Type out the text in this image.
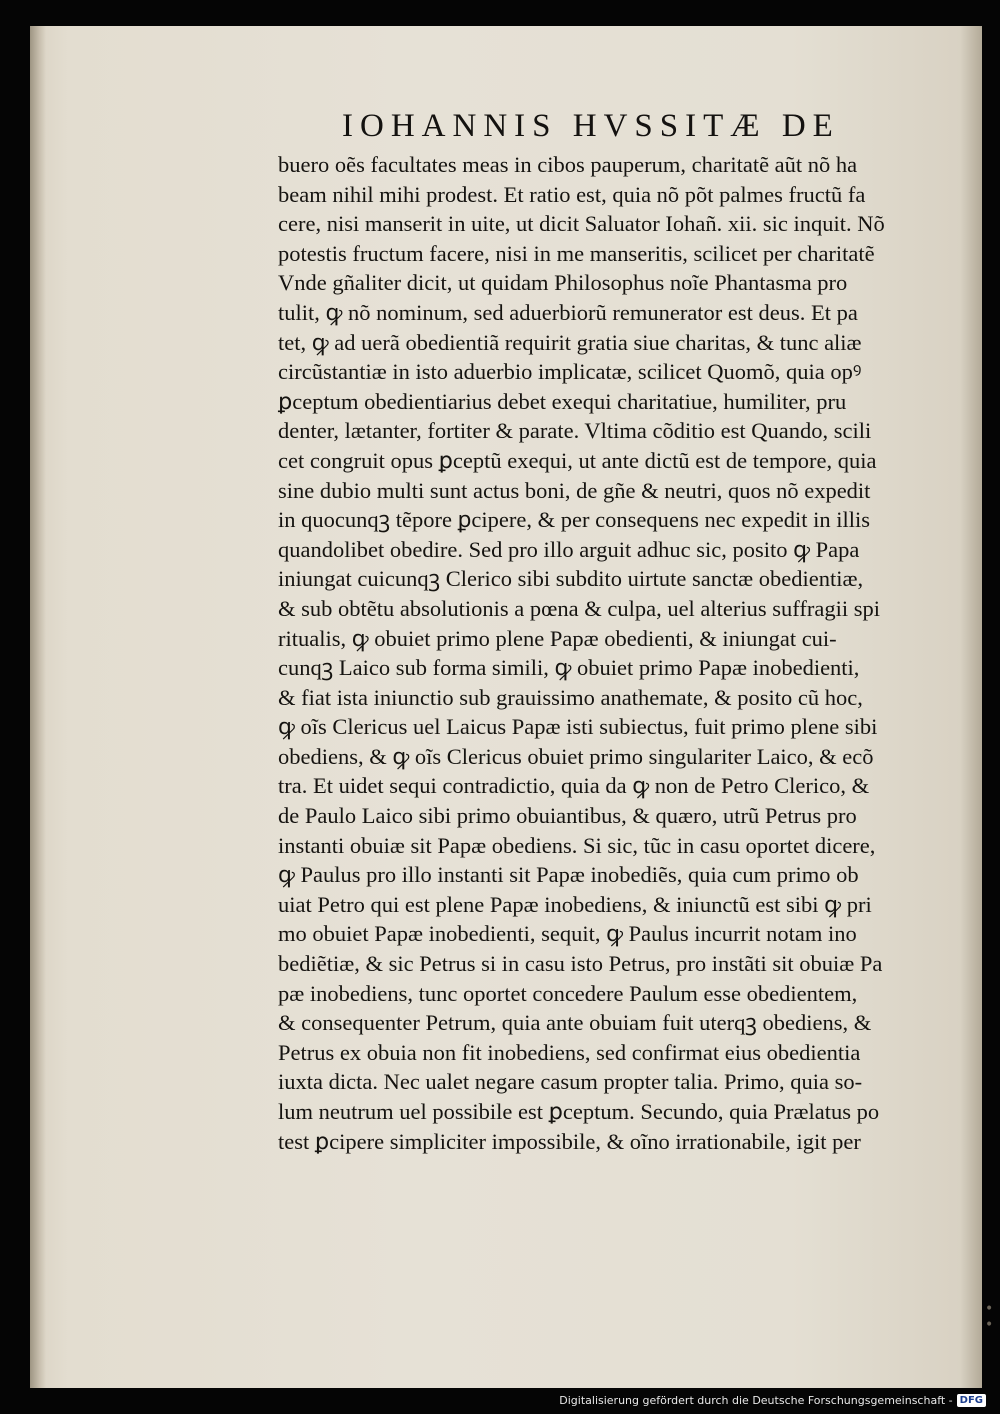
IOHANNIS HVSSITÆ DE
buero oẽs facultates meas in cibos pauperum, charitatẽ aũt nõ ha
beam nihil mihi prodest. Et ratio est, quia nõ põt palmes fructũ fa
cere, nisi manserit in uite, ut dicit Saluator Iohañ. xii. sic inquit. Nõ
potestis fructum facere, nisi in me manseritis, scilicet per charitatẽ
Vnde gñaliter dicit, ut quidam Philosophus noĩe Phantasma pro
tulit, ꝙ nõ nominum, sed aduerbiorũ remunerator est deus. Et pa
tet, ꝙ ad uerã obedientiã requirit gratia siue charitas, & tunc aliæ
circũstantiæ in isto aduerbio implicatæ, scilicet Quomõ, quia opꝰ
ꝑceptum obedientiarius debet exequi charitatiue, humiliter, pru
denter, lætanter, fortiter & parate. Vltima cõditio est Quando, scili
cet congruit opus ꝑceptũ exequi, ut ante dictũ est de tempore, quia
sine dubio multi sunt actus boni, de gñe & neutri, quos nõ expedit
in quocunqꝫ tẽpore ꝑcipere, & per consequens nec expedit in illis
quandolibet obedire. Sed pro illo arguit adhuc sic, posito ꝙ Papa
iniungat cuicunqꝫ Clerico sibi subdito uirtute sanctæ obedientiæ,
& sub obtẽtu absolutionis a pœna & culpa, uel alterius suffragii spi
ritualis, ꝙ obuiet primo plene Papæ obedienti, & iniungat cui-
cunqꝫ Laico sub forma simili, ꝙ obuiet primo Papæ inobedienti,
& fiat ista iniunctio sub grauissimo anathemate, & posito cũ hoc,
ꝙ oĩs Clericus uel Laicus Papæ isti subiectus, fuit primo plene sibi
obediens, & ꝙ oĩs Clericus obuiet primo singulariter Laico, & ecõ
tra. Et uidet sequi contradictio, quia da ꝙ non de Petro Clerico, &
de Paulo Laico sibi primo obuiantibus, & quæro, utrũ Petrus pro
instanti obuiæ sit Papæ obediens. Si sic, tũc in casu oportet dicere,
ꝙ Paulus pro illo instanti sit Papæ inobediẽs, quia cum primo ob
uiat Petro qui est plene Papæ inobediens, & iniunctũ est sibi ꝙ pri
mo obuiet Papæ inobedienti, sequit, ꝙ Paulus incurrit notam ino
bediẽtiæ, & sic Petrus si in casu isto Petrus, pro instãti sit obuiæ Pa
pæ inobediens, tunc oportet concedere Paulum esse obedientem,
& consequenter Petrum, quia ante obuiam fuit uterqꝫ obediens, &
Petrus ex obuia non fit inobediens, sed confirmat eius obedientia
iuxta dicta. Nec ualet negare casum propter talia. Primo, quia so-
lum neutrum uel possibile est ꝑceptum. Secundo, quia Prælatus po
test ꝑcipere simpliciter impossibile, & oĩno irrationabile, igit per
• •
Digitalisierung gefördert durch die Deutsche Forschungsgemeinschaft - DFG
